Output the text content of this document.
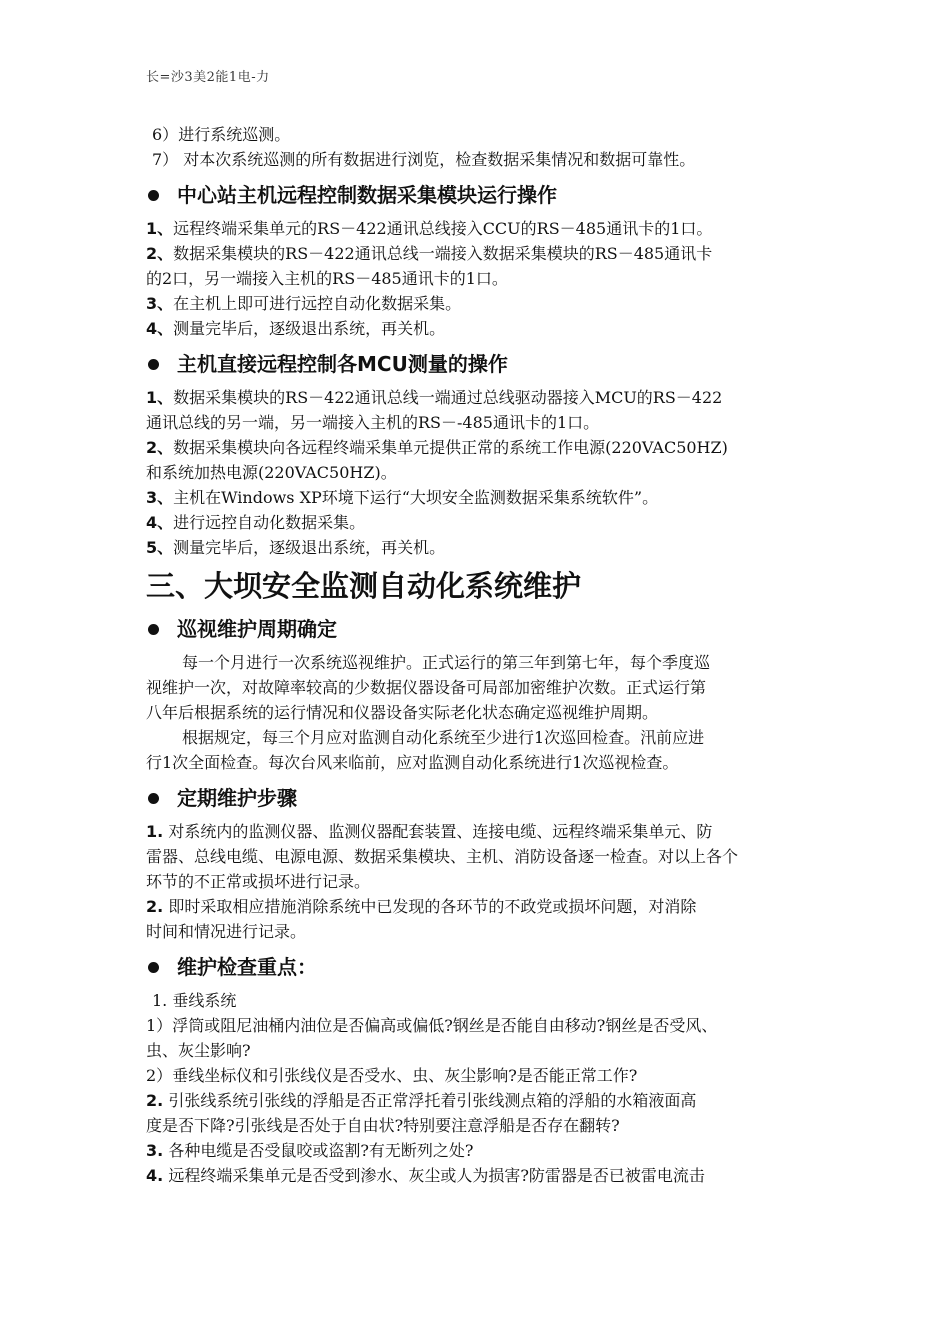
长=沙3美2能1电-力
6）进行系统巡测。
7） 对本次系统巡测的所有数据进行浏览，检查数据采集情况和数据可靠性。
中心站主机远程控制数据采集模块运行操作
1、远程终端采集单元的RS－422通讯总线接入CCU的RS－485通讯卡的1口。
2、数据采集模块的RS－422通讯总线一端接入数据采集模块的RS－485通讯卡
的2口，另一端接入主机的RS－485通讯卡的1口。
3、在主机上即可进行远控自动化数据采集。
4、测量完毕后，逐级退出系统，再关机。
主机直接远程控制各MCU测量的操作
1、数据采集模块的RS－422通讯总线一端通过总线驱动器接入MCU的RS－422
通讯总线的另一端，另一端接入主机的RS－-485通讯卡的1口。
2、数据采集模块向各远程终端采集单元提供正常的系统工作电源(220VAC50HZ)
和系统加热电源(220VAC50HZ)。
3、主机在Windows XP环境下运行“大坝安全监测数据采集系统软件”。
4、进行远控自动化数据采集。
5、测量完毕后，逐级退出系统，再关机。
三、大坝安全监测自动化系统维护
巡视维护周期确定
每一个月进行一次系统巡视维护。正式运行的第三年到第七年，每个季度巡
视维护一次，对故障率较高的少数据仪器设备可局部加密维护次数。正式运行第
八年后根据系统的运行情况和仪器设备实际老化状态确定巡视维护周期。
根据规定，每三个月应对监测自动化系统至少进行1次巡回检查。汛前应进
行1次全面检查。每次台风来临前，应对监测自动化系统进行1次巡视检查。
定期维护步骤
1. 对系统内的监测仪器、监测仪器配套装置、连接电缆、远程终端采集单元、防
雷器、总线电缆、电源电源、数据采集模块、主机、消防设备逐一检查。对以上各个
环节的不正常或损坏进行记录。
2. 即时采取相应措施消除系统中已发现的各环节的不政党或损坏问题，对消除
时间和情况进行记录。
维护检查重点：
1. 垂线系统
1）浮筒或阻尼油桶内油位是否偏高或偏低?钢丝是否能自由移动?钢丝是否受风、
虫、灰尘影响?
2）垂线坐标仪和引张线仪是否受水、虫、灰尘影响?是否能正常工作?
2. 引张线系统引张线的浮船是否正常浮托着引张线测点箱的浮船的水箱液面高
度是否下降?引张线是否处于自由状?特别要注意浮船是否存在翻转?
3. 各种电缆是否受鼠咬或盗割?有无断列之处?
4. 远程终端采集单元是否受到渗水、灰尘或人为损害?防雷器是否已被雷电流击
